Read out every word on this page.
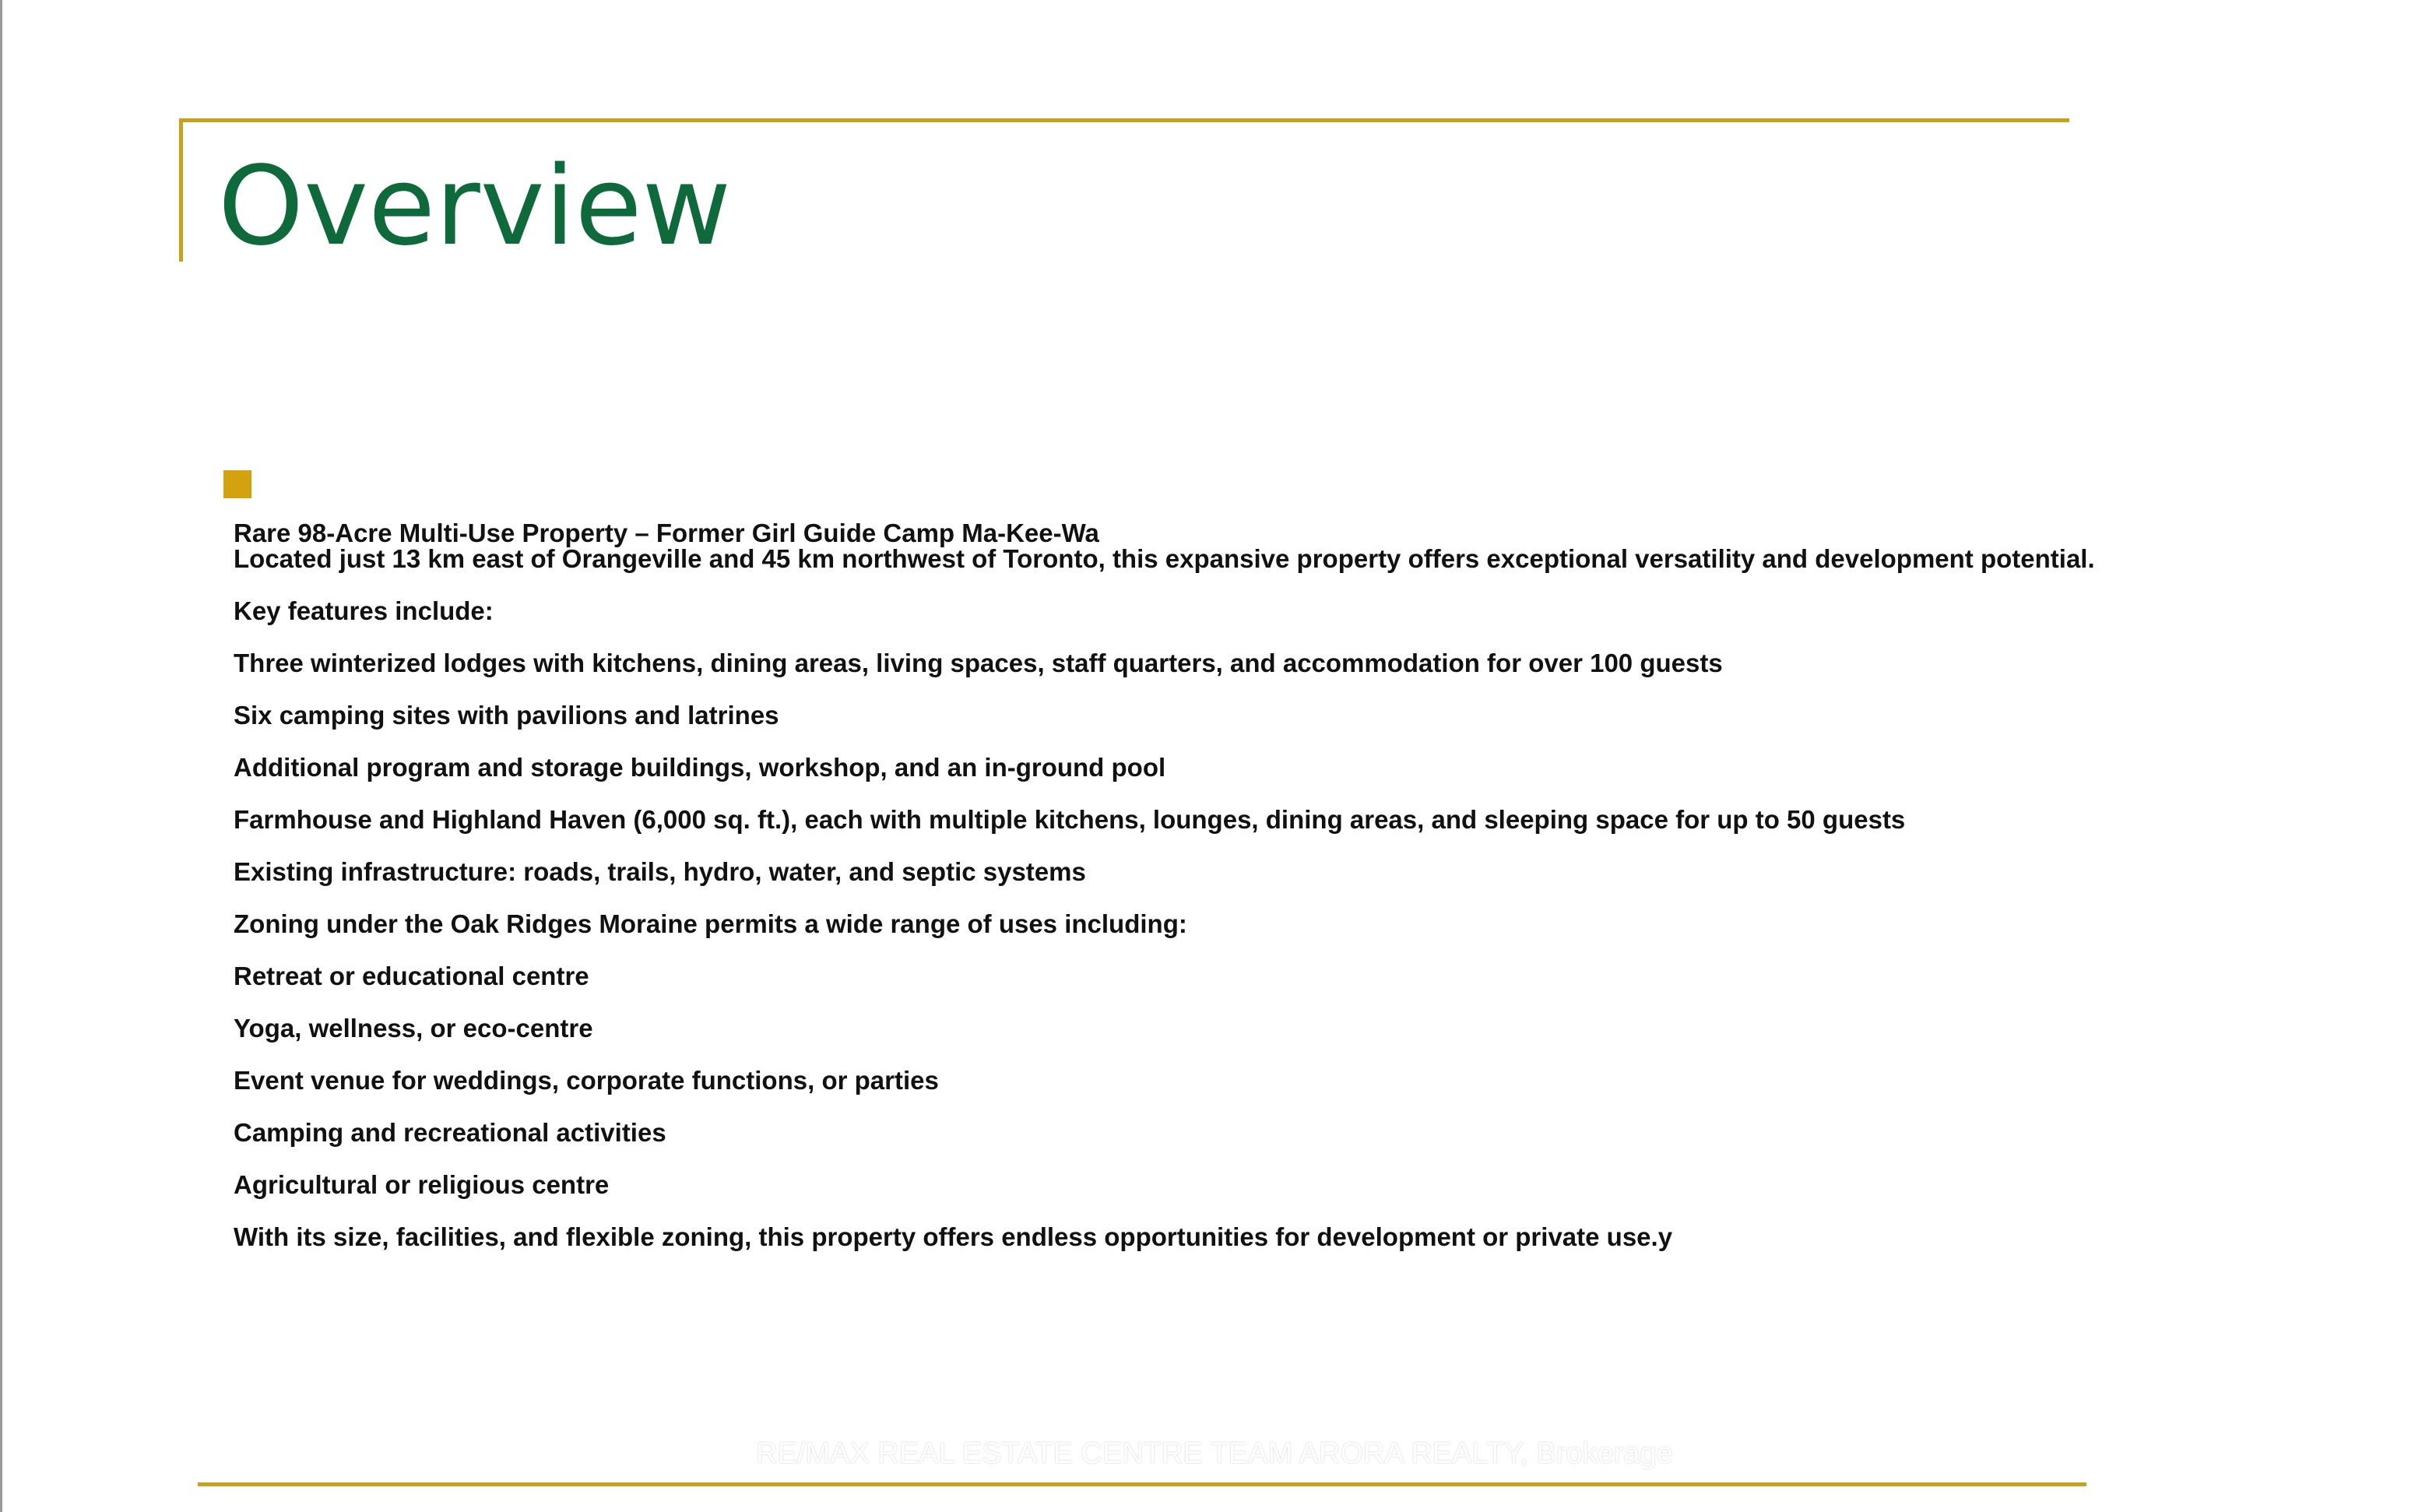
Overview

Rare 98-Acre Multi-Use Property – Former Girl Guide Camp Ma-Kee-Wa

Located just 13 km east of Orangeville and 45 km northwest of Toronto, this expansive property offers exceptional versatility and development potential.

Key features include:

Three winterized lodges with kitchens, dining areas, living spaces, staff quarters, and accommodation for over 100 guests

Six camping sites with pavilions and latrines

Additional program and storage buildings, workshop, and an in-ground pool

Farmhouse and Highland Haven (6,000 sq. ft.), each with multiple kitchens, lounges, dining areas, and sleeping space for up to 50 guests

Existing infrastructure: roads, trails, hydro, water, and septic systems

Zoning under the Oak Ridges Moraine permits a wide range of uses including:

Retreat or educational centre

Yoga, wellness, or eco-centre

Event venue for weddings, corporate functions, or parties

Camping and recreational activities

Agricultural or religious centre

With its size, facilities, and flexible zoning, this property offers endless opportunities for development or private use.y

RE/MAX REAL ESTATE CENTRE TEAM ARORA REALTY, Brokerage
